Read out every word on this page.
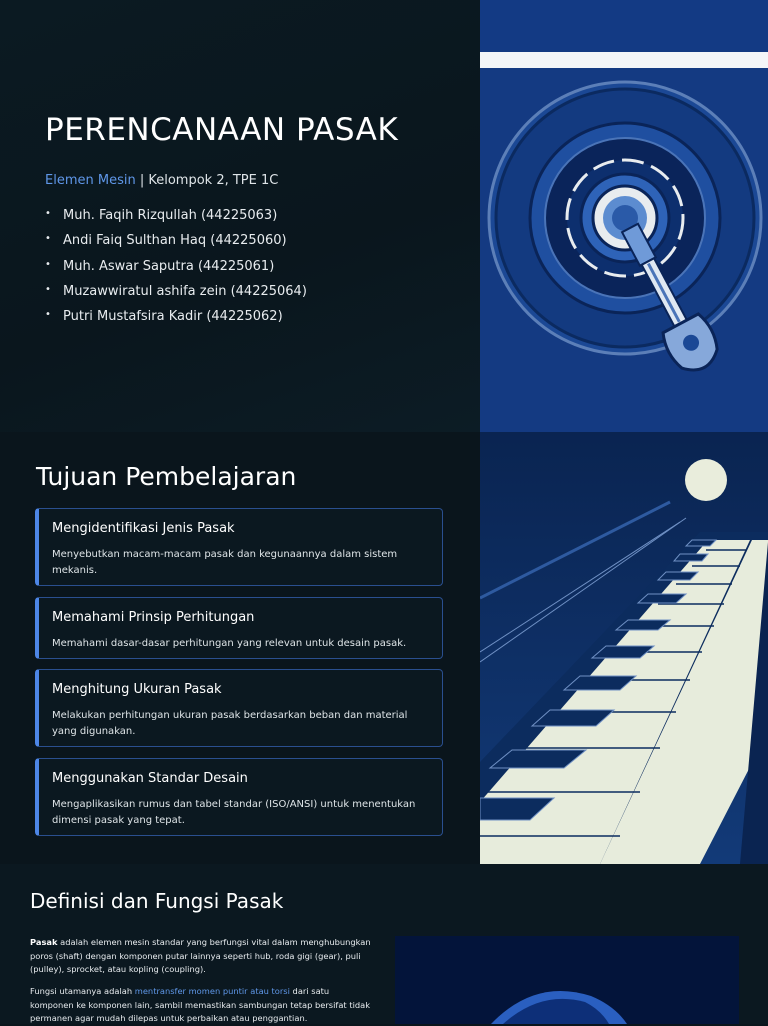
PERENCANAAN PASAK
Elemen Mesin | Kelompok 2, TPE 1C
• Muh. Faqih Rizqullah (44225063)
• Andi Faiq Sulthan Haq (44225060)
• Muh. Aswar Saputra (44225061)
• Muzawwiratul ashifa zein (44225064)
• Putri Mustafsira Kadir (44225062)
Tujuan Pembelajaran
Mengidentifikasi Jenis Pasak
Menyebutkan macam-macam pasak dan kegunaannya dalam sistem mekanis.
Memahami Prinsip Perhitungan
Memahami dasar-dasar perhitungan yang relevan untuk desain pasak.
Menghitung Ukuran Pasak
Melakukan perhitungan ukuran pasak berdasarkan beban dan material yang digunakan.
Menggunakan Standar Desain
Mengaplikasikan rumus dan tabel standar (ISO/ANSI) untuk menentukan dimensi pasak yang tepat.
Definisi dan Fungsi Pasak

Pasak adalah elemen mesin standar yang berfungsi vital dalam menghubungkan poros (shaft) dengan komponen putar lainnya seperti hub, roda gigi (gear), puli (pulley), sprocket, atau kopling (coupling).

Fungsi utamanya adalah mentransfer momen puntir atau torsi dari satu komponen ke komponen lain, sambil memastikan sambungan tetap bersifat tidak permanen agar mudah dilepas untuk perbaikan atau penggantian.
